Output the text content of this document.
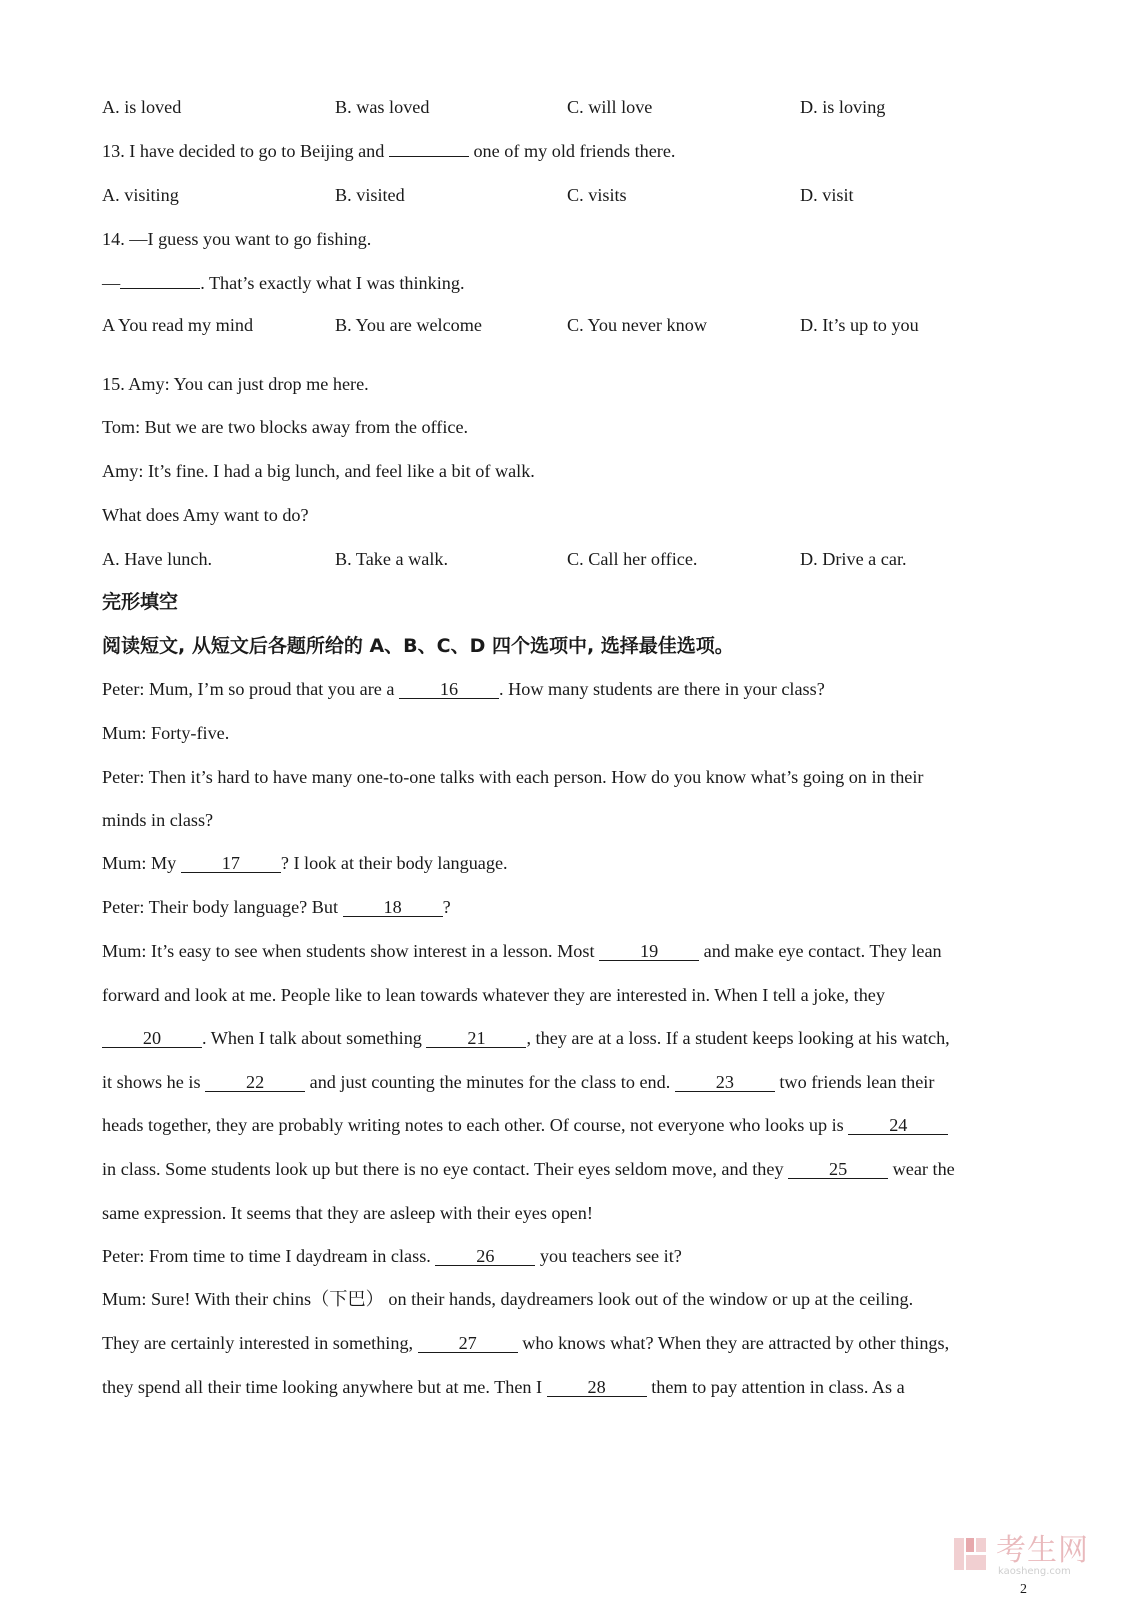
A. is loved	B. was loved	C. will love	D. is loving

13. I have decided to go to Beijing and	one of my old friends there.

A. visiting	B. visited	C. visits	D. visit

14. —I guess you want to go fishing.

—	. That’s exactly what I was thinking.

A You read my mind	B. You are welcome	C. You never know	D. It’s up to you

15. Amy: You can just drop me here.

Tom: But we are two blocks away from the office.

Amy: It’s fine. I had a big lunch, and feel like a bit of walk.

What does Amy want to do?

A. Have lunch.	B. Take a walk.	C. Call her office.	D. Drive a car.

完形填空

阅读短文, 从短文后各题所给的 A、B、C、D 四个选项中, 选择最佳选项。

Peter: Mum, I’m so proud that you are a 16 . How many students are there in your class?

Mum: Forty-five.

Peter: Then it’s hard to have many one-to-one talks with each person. How do you know what’s going on in their

minds in class?

Mum: My 17 ? I look at their body language.

Peter: Their body language? But 18 ?

Mum: It’s easy to see when students show interest in a lesson. Most 19 and make eye contact. They lean

forward and look at me. People like to lean towards whatever they are interested in. When I tell a joke, they

20 . When I talk about something 21 , they are at a loss. If a student keeps looking at his watch,

it shows he is 22 and just counting the minutes for the class to end. 23 two friends lean their

heads together, they are probably writing notes to each other. Of course, not everyone who looks up is 24

in class. Some students look up but there is no eye contact. Their eyes seldom move, and they 25 wear the

same expression. It seems that they are asleep with their eyes open!

Peter: From time to time I daydream in class. 26 you teachers see it?

Mum: Sure! With their chins（下巴） on their hands, daydreamers look out of the window or up at the ceiling.

They are certainly interested in something, 27 who knows what? When they are attracted by other things,

they spend all their time looking anywhere but at me. Then I 28 them to pay attention in class. As a

考生网
kaosheng.com
2
